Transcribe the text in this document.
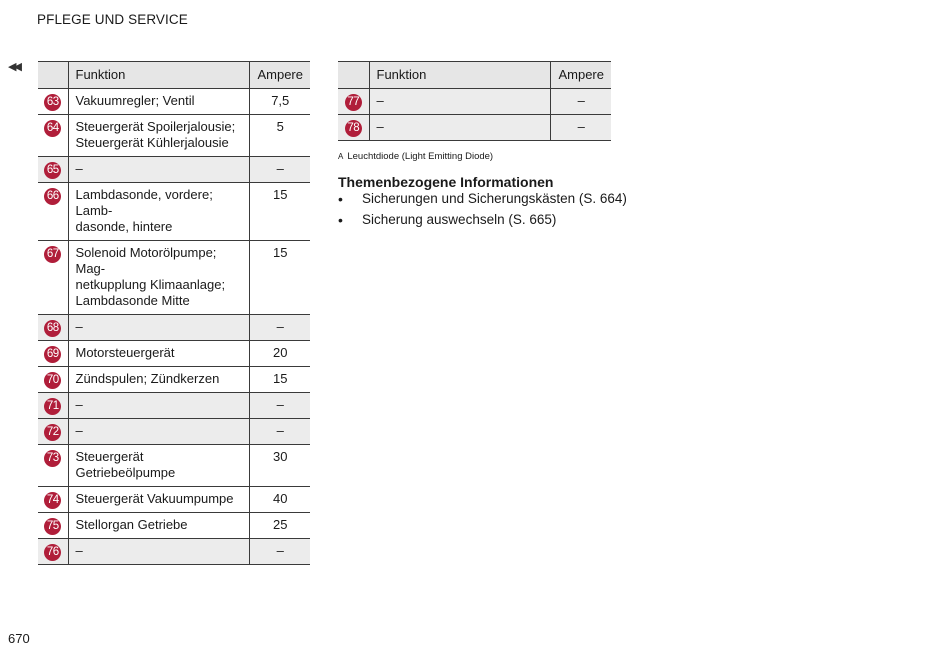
PFLEGE UND SERVICE
◀◀
		Funktion	Ampere
63	Vakuumregler; Ventil	7,5
64	Steuergerät Spoilerjalousie;
Steuergerät Kühlerjalousie	5
65	–	–
66	Lambdasonde, vordere; Lamb-
dasonde, hintere	15
67	Solenoid Motorölpumpe; Mag-
netkupplung Klimaanlage;
Lambdasonde Mitte	15
68	–	–
69	Motorsteuergerät	20
70	Zündspulen; Zündkerzen	15
71	–	–
72	–	–
73	Steuergerät Getriebeölpumpe	30
74	Steuergerät Vakuumpumpe	40
75	Stellorgan Getriebe	25
76	–	–
	Funktion	Ampere
77	–	–
78	–	–
A Leuchtdiode (Light Emitting Diode)
Themenbezogene Informationen
•	Sicherungen und Sicherungskästen (S. 664)
•	Sicherung auswechseln (S. 665)
670
